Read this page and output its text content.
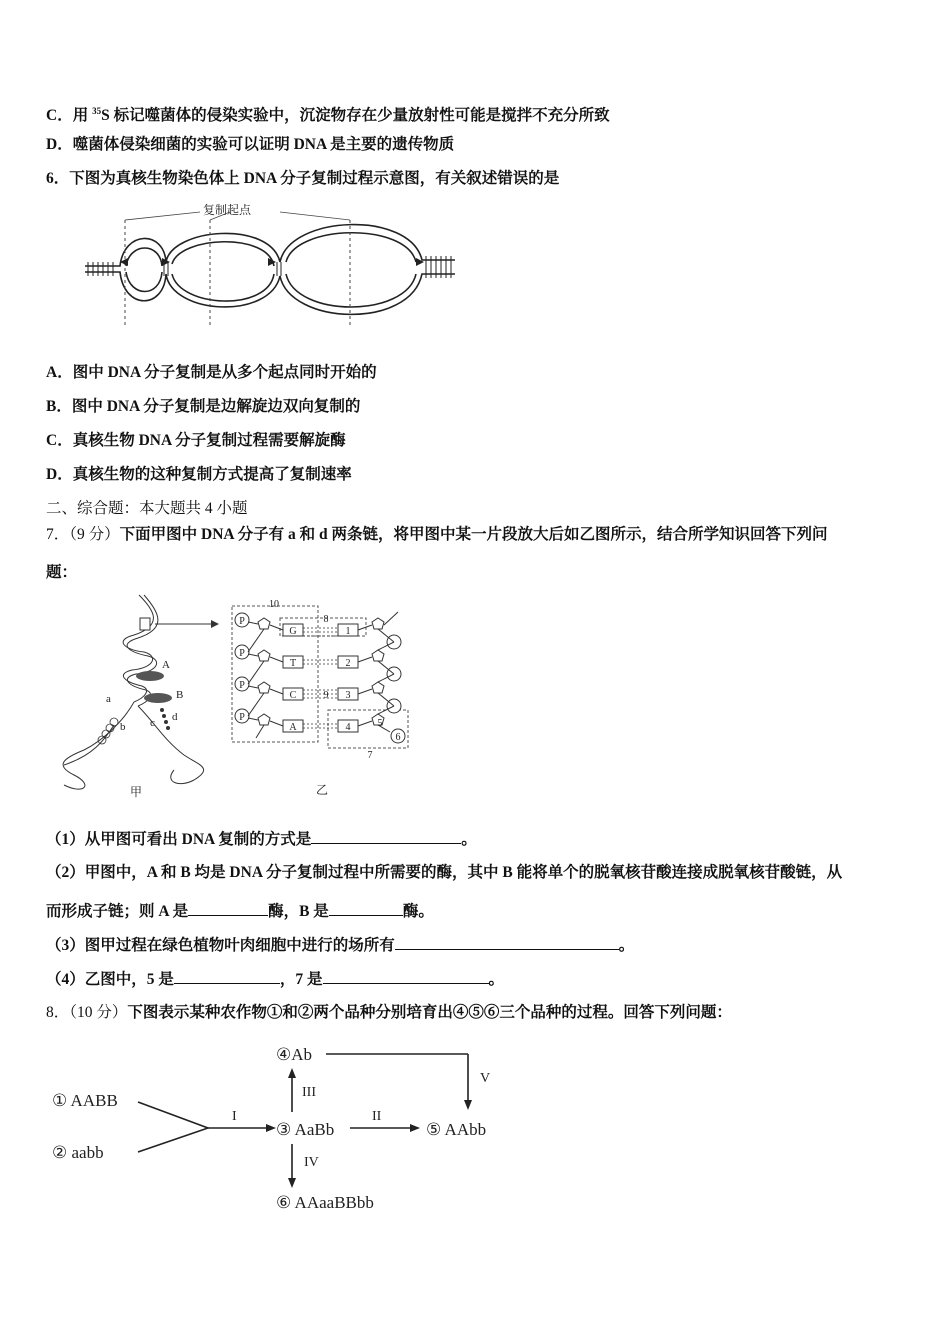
C．用 $^{35}$S 标记噬菌体的侵染实验中，沉淀物存在少量放射性可能是搅拌不充分所致
D．噬菌体侵染细菌的实验可以证明 DNA 是主要的遗传物质
6．下图为真核生物染色体上 DNA 分子复制过程示意图，有关叙述错误的是
复制起点
A．图中 DNA 分子复制是从多个起点同时开始的
B．图中 DNA 分子复制是边解旋边双向复制的
C．真核生物 DNA 分子复制过程需要解旋酶
D．真核生物的这种复制方式提高了复制速率
二、综合题：本大题共 4 小题
7．（9 分）下面甲图中 DNA 分子有 a 和 d 两条链，将甲图中某一片段放大后如乙图所示，结合所学知识回答下列问
题：
A
B
a
b c d
甲
P
P
P
P
G
T
C
A
1
2
3
4
10
8
9
5
6
7
乙
（1）从甲图可看出 DNA 复制的方式是	。
（2）甲图中，A 和 B 均是 DNA 分子复制过程中所需要的酶，其中 B 能将单个的脱氧核苷酸连接成脱氧核苷酸链，从
而形成子链；则 A 是	酶，B 是	酶。
（3）图甲过程在绿色植物叶肉细胞中进行的场所有	。
（4）乙图中，5 是	，7 是	。
8．（10 分）下图表示某种农作物①和②两个品种分别培育出④⑤⑥三个品种的过程。回答下列问题：
① AABB
② aabb
③ AaBb
④Ab
⑤ AAbb
⑥ AAaaBBbb
I	II
III
IV
V
